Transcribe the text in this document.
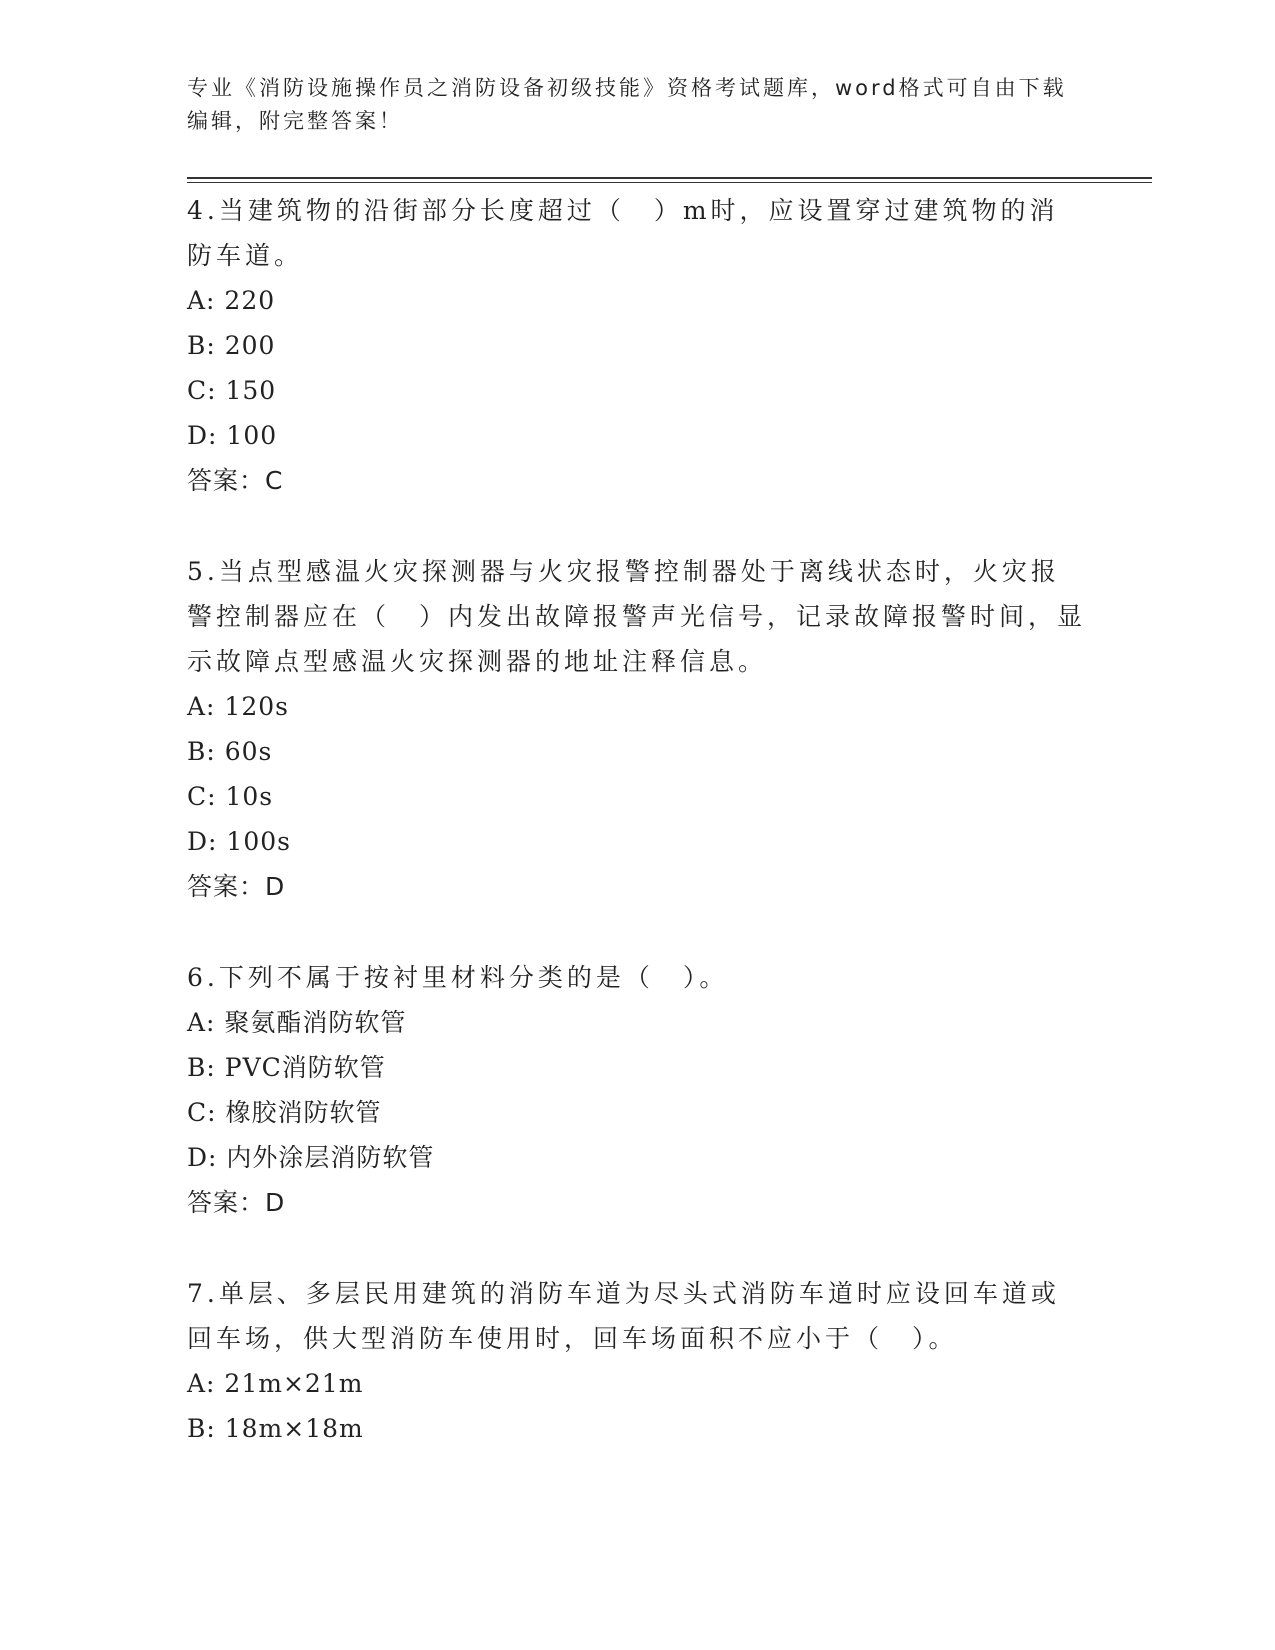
专业《消防设施操作员之消防设备初级技能》资格考试题库，word格式可自由下载编辑，附完整答案！

4.当建筑物的沿街部分长度超过（　）m时，应设置穿过建筑物的消防车道。

A: 220

B: 200

C: 150

D: 100

答案：C

5.当点型感温火灾探测器与火灾报警控制器处于离线状态时，火灾报警控制器应在（　）内发出故障报警声光信号，记录故障报警时间，显示故障点型感温火灾探测器的地址注释信息。

A: 120s

B: 60s

C: 10s

D: 100s

答案：D

6.下列不属于按衬里材料分类的是（　）。

A: 聚氨酯消防软管

B: PVC消防软管

C: 橡胶消防软管

D: 内外涂层消防软管

答案：D

7.单层、多层民用建筑的消防车道为尽头式消防车道时应设回车道或回车场，供大型消防车使用时，回车场面积不应小于（　）。

A: 21m×21m

B: 18m×18m
